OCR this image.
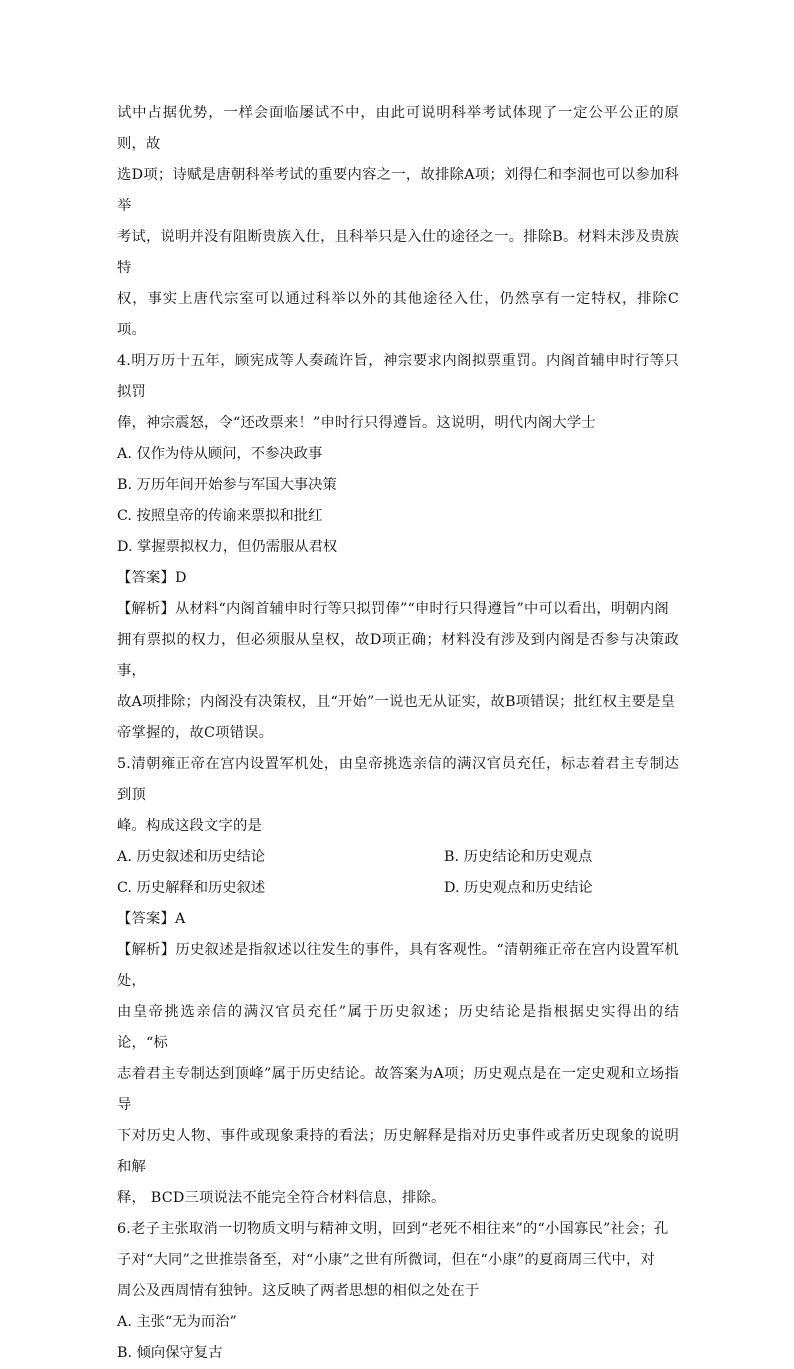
试中占据优势，一样会面临屡试不中，由此可说明科举考试体现了一定公平公正的原则，故

选D项；诗赋是唐朝科举考试的重要内容之一，故排除A项；刘得仁和李洞也可以参加科举

考试，说明并没有阻断贵族入仕，且科举只是入仕的途径之一。排除B。材料未涉及贵族特

权，事实上唐代宗室可以通过科举以外的其他途径入仕，仍然享有一定特权，排除C项。

4.明万历十五年，顾宪成等人奏疏许旨，神宗要求内阁拟票重罚。内阁首辅申时行等只拟罚

俸，神宗震怒，令“还改票来！”申时行只得遵旨。这说明，明代内阁大学士

A. 仅作为侍从顾问，不参决政事

B. 万历年间开始参与军国大事决策

C. 按照皇帝的传谕来票拟和批红

D. 掌握票拟权力，但仍需服从君权

【答案】D

【解析】从材料“内阁首辅申时行等只拟罚俸”“申时行只得遵旨”中可以看出，明朝内阁

拥有票拟的权力，但必须服从皇权，故D项正确；材料没有涉及到内阁是否参与决策政事，

故A项排除；内阁没有决策权，且“开始”一说也无从证实，故B项错误；批红权主要是皇

帝掌握的，故C项错误。

5.清朝雍正帝在宫内设置军机处，由皇帝挑选亲信的满汉官员充任，标志着君主专制达到顶

峰。构成这段文字的是

A. 历史叙述和历史结论	B. 历史结论和历史观点
C. 历史解释和历史叙述	D. 历史观点和历史结论

【答案】A

【解析】历史叙述是指叙述以往发生的事件，具有客观性。“清朝雍正帝在宫内设置军机处，

由皇帝挑选亲信的满汉官员充任”属于历史叙述；历史结论是指根据史实得出的结论，“标

志着君主专制达到顶峰”属于历史结论。故答案为A项；历史观点是在一定史观和立场指导

下对历史人物、事件或现象秉持的看法；历史解释是指对历史事件或者历史现象的说明和解

释， BCD三项说法不能完全符合材料信息，排除。

6.老子主张取消一切物质文明与精神文明，回到“老死不相往来”的“小国寡民”社会；孔

子对“大同”之世推崇备至，对“小康”之世有所微词，但在“小康”的夏商周三代中，对

周公及西周情有独钟。这反映了两者思想的相似之处在于

A. 主张“无为而治”

B. 倾向保守复古
